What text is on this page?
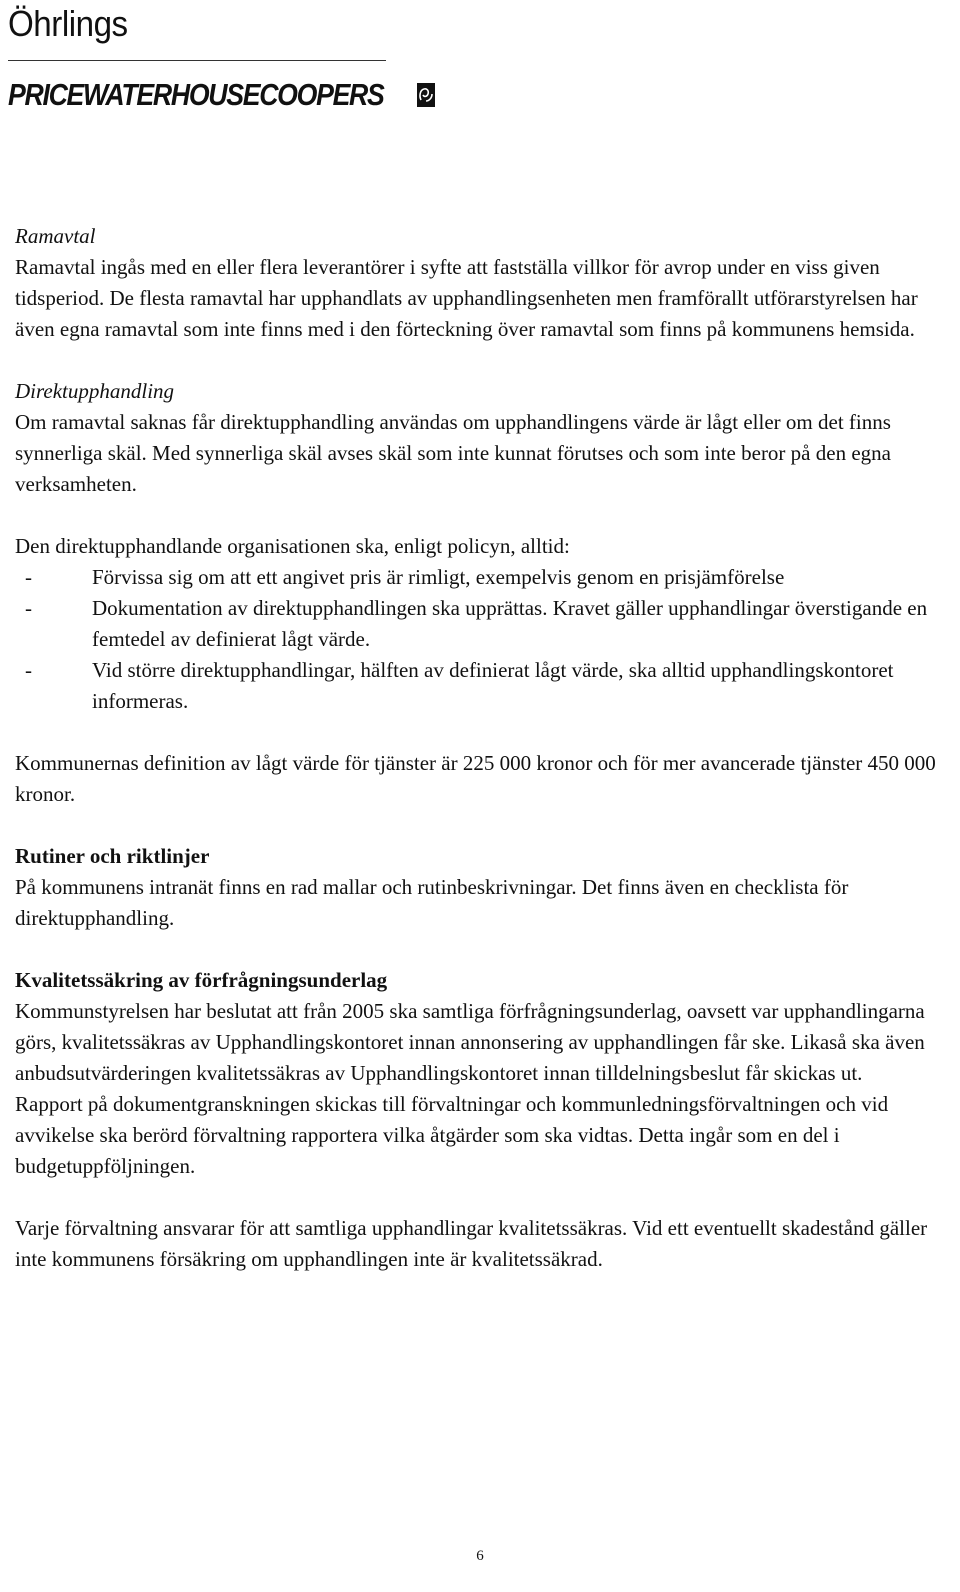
Öhrlings
PRICEWATERHOUSECOOPERS

Ramavtal

Ramavtal ingås med en eller flera leverantörer i syfte att fastställa villkor för avrop under en viss given tidsperiod. De flesta ramavtal har upphandlats av upphandlingsenheten men framförallt utförarstyrelsen har även egna ramavtal som inte finns med i den förteckning över ramavtal som finns på kommunens hemsida.

Direktupphandling

Om ramavtal saknas får direktupphandling användas om upphandlingens värde är lågt eller om det finns synnerliga skäl. Med synnerliga skäl avses skäl som inte kunnat förutses och som inte beror på den egna verksamheten.

Den direktupphandlande organisationen ska, enligt policyn, alltid:

-	Förvissa sig om att ett angivet pris är rimligt, exempelvis genom en prisjämförelse
-	Dokumentation av direktupphandlingen ska upprättas. Kravet gäller upphandlingar överstigande en femtedel av definierat lågt värde.
-	Vid större direktupphandlingar, hälften av definierat lågt värde, ska alltid upphandlingskontoret informeras.

Kommunernas definition av lågt värde för tjänster är 225 000 kronor och för mer avancerade tjänster 450 000 kronor.

Rutiner och riktlinjer

På kommunens intranät finns en rad mallar och rutinbeskrivningar. Det finns även en checklista för direktupphandling.

Kvalitetssäkring av förfrågningsunderlag

Kommunstyrelsen har beslutat att från 2005 ska samtliga förfrågningsunderlag, oavsett var upphandlingarna görs, kvalitetssäkras av Upphandlingskontoret innan annonsering av upphandlingen får ske. Likaså ska även anbudsutvärderingen kvalitetssäkras av Upphandlingskontoret innan tilldelningsbeslut får skickas ut.

Rapport på dokumentgranskningen skickas till förvaltningar och kommunledningsförvaltningen och vid avvikelse ska berörd förvaltning rapportera vilka åtgärder som ska vidtas. Detta ingår som en del i budgetuppföljningen.

Varje förvaltning ansvarar för att samtliga upphandlingar kvalitetssäkras. Vid ett eventuellt skadestånd gäller inte kommunens försäkring om upphandlingen inte är kvalitetssäkrad.

6
